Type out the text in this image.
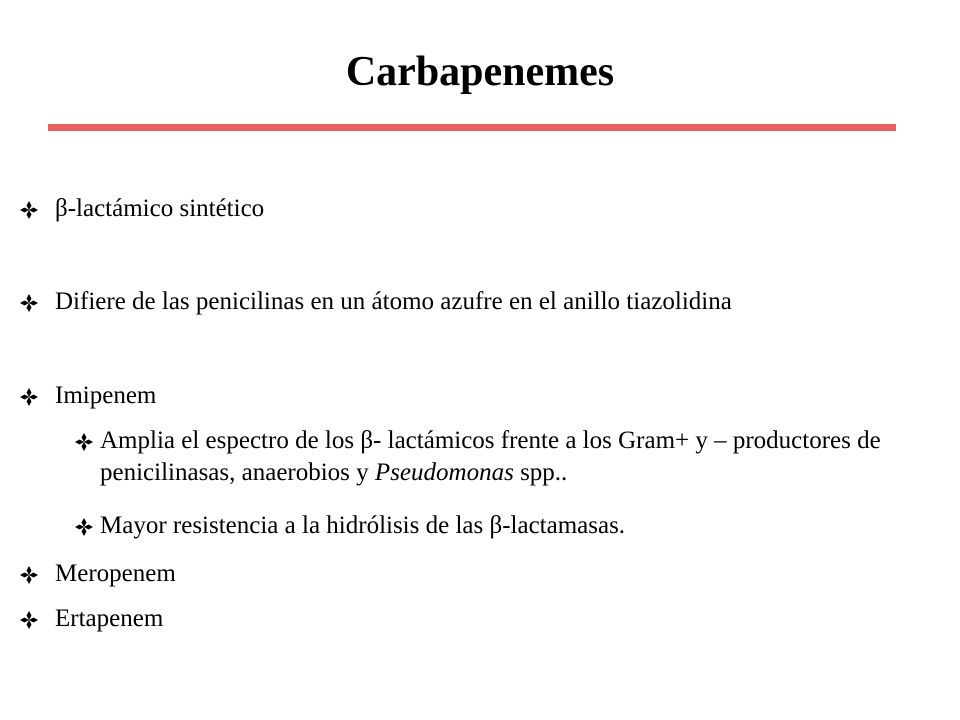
Carbapenemes
β-lactámico sintético
Difiere de las penicilinas en un átomo azufre en el anillo tiazolidina
Imipenem
Amplia el espectro de los β- lactámicos frente a los Gram+ y – productores de penicilinasas, anaerobios y Pseudomonas spp..
Mayor resistencia a la hidrólisis de las β-lactamasas.
Meropenem
Ertapenem
